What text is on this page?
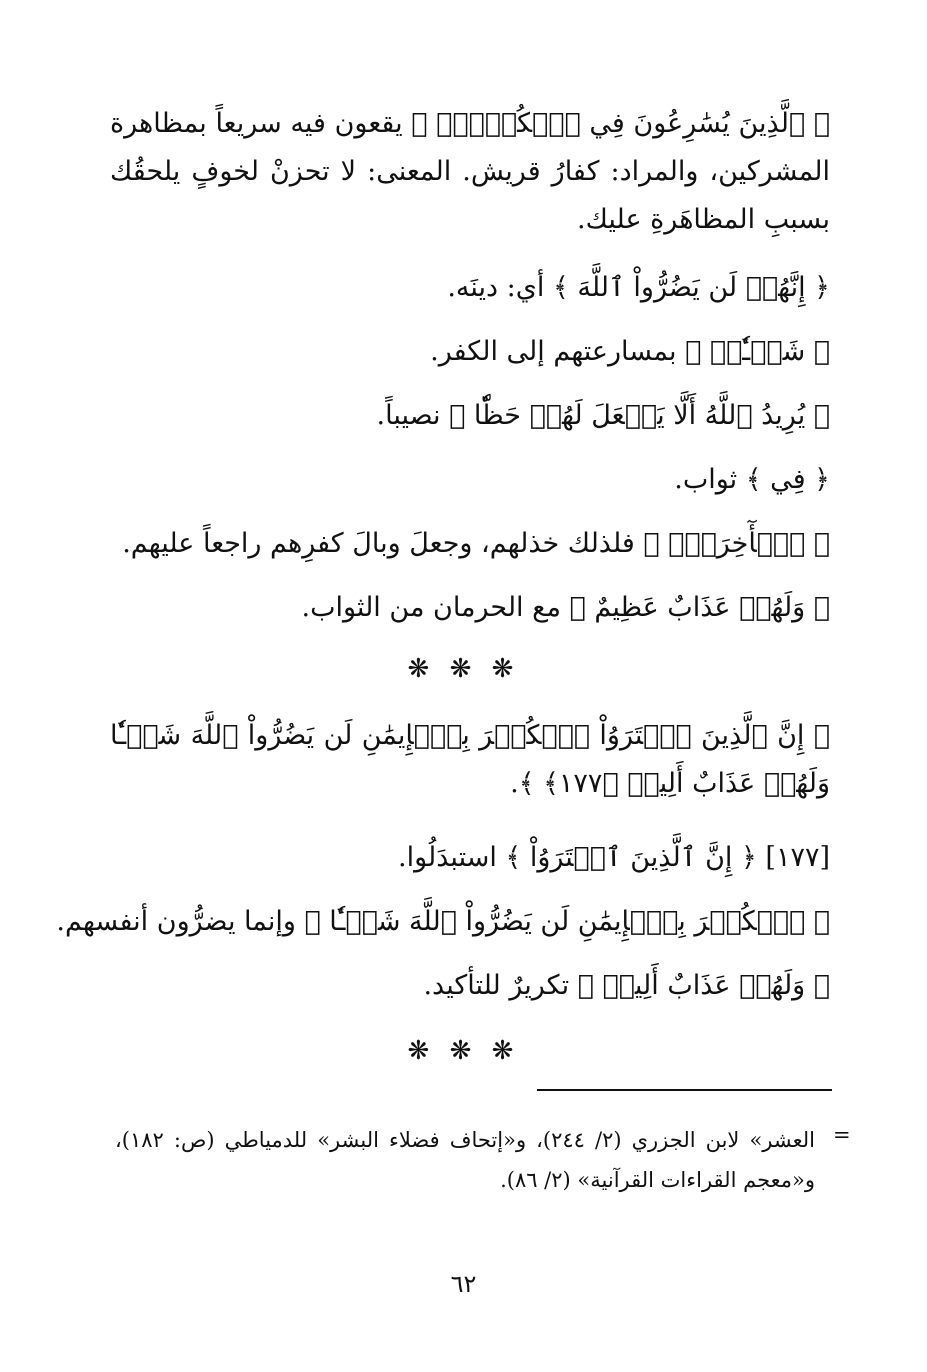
﴿ ٱلَّذِينَ يُسَٰرِعُونَ فِي ٱلۡكُفۡرِۚ ﴾ يقعون فيه سريعاً بمظاهرة المشركين، والمراد: كفارُ قريش. المعنى: لا تحزنْ لخوفٍ يلحقُك بسببِ المظاهَرةِ عليك.

﴿ إِنَّهُمۡ لَن يَضُرُّواْ ٱللَّهَ ﴾ أي: دينَه.
﴿ شَيۡـٔٗاۗ ﴾ بمسارعتهم إلى الكفر.
﴿ يُرِيدُ ٱللَّهُ أَلَّا يَجۡعَلَ لَهُمۡ حَظّٗا ﴾ نصيباً.
﴿ فِي ﴾ ثواب.
﴿ ٱلۡأٓخِرَةِۖ ﴾ فلذلك خذلهم، وجعلَ وبالَ كفرِهم راجعاً عليهم.
﴿ وَلَهُمۡ عَذَابٌ عَظِيمٌ ﴾ مع الحرمان من الثواب.
❋ ❋ ❋

﴿ إِنَّ ٱلَّذِينَ ٱشۡتَرَوُاْ ٱلۡكُفۡرَ بِٱلۡإِيمَٰنِ لَن يَضُرُّواْ ٱللَّهَ شَيۡـٔٗا وَلَهُمۡ عَذَابٌ أَلِيمٞ ﴿١٧٧﴾ ﴾.

[١٧٧] ﴿ إِنَّ ٱلَّذِينَ ٱشۡتَرَوُاْ ﴾ استبدَلُوا.
﴿ ٱلۡكُفۡرَ بِٱلۡإِيمَٰنِ لَن يَضُرُّواْ ٱللَّهَ شَيۡـٔٗا ﴾ وإنما يضرُّون أنفسهم.
﴿ وَلَهُمۡ عَذَابٌ أَلِيمٞ ﴾ تكريرٌ للتأكيد.
❋ ❋ ❋
=
العشر» لابن الجزري (٢/ ٢٤٤)، و«إتحاف فضلاء البشر» للدمياطي (ص: ١٨٢)، و«معجم القراءات القرآنية» (٢/ ٨٦).
٦٢
